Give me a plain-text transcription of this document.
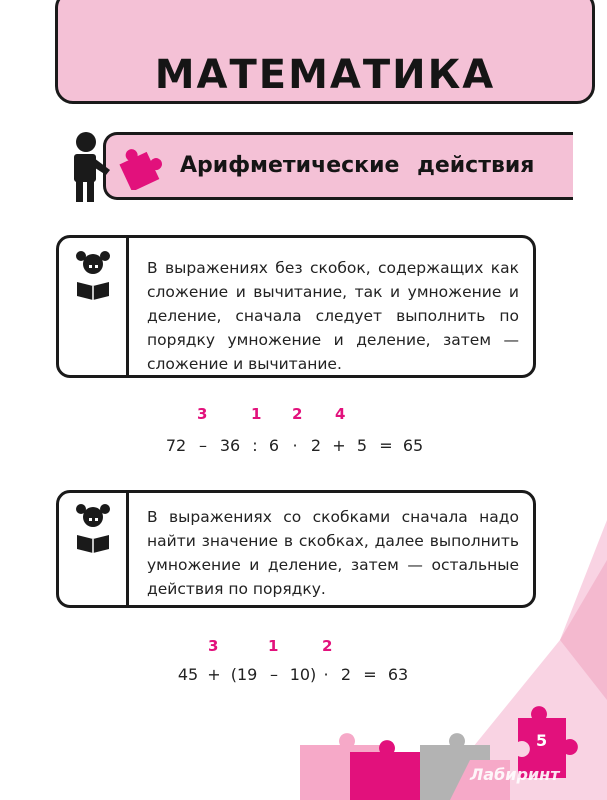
МАТЕМАТИКА
Арифметические действия
В выражениях без скобок, содержащих как сложение и вычитание, так и умножение и деление, сначала следует выполнить по порядку умножение и деление, затем — сложение и вычитание.
3	1 2 4
72 – 36 : 6 · 2 + 5 = 65
В выражениях со скобками сначала надо найти значение в скобках, далее выполнить умножение и деление, затем — остальные действия по порядку.
3	1	2
45 + (19 – 10) · 2 = 63
5
Лабиринт
